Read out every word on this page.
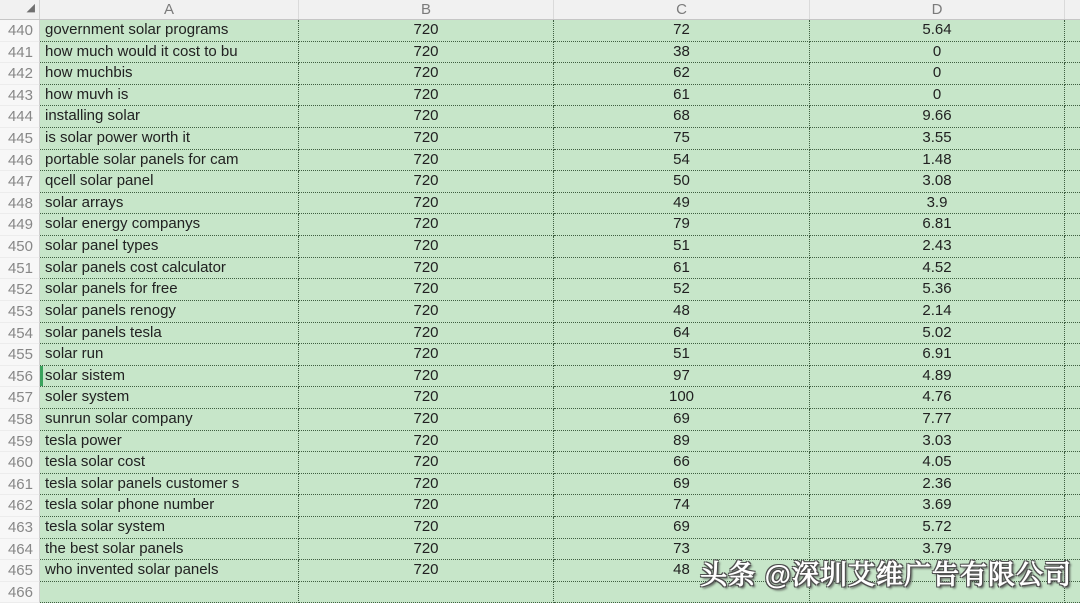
◢	A	B	C	D
440 government solar programs	720	72	5.64
441 how much would it cost to bu	720	38	0
442 how muchbis	720	62	0
443 how muvh is	720	61	0
444 installing solar	720	68	9.66
445 is solar power worth it	720	75	3.55
446 portable solar panels for cam	720	54	1.48
447 qcell solar panel	720	50	3.08
448 solar arrays	720	49	3.9
449 solar energy companys	720	79	6.81
450 solar panel types	720	51	2.43
451 solar panels cost calculator	720	61	4.52
452 solar panels for free	720	52	5.36
453 solar panels renogy	720	48	2.14
454 solar panels tesla	720	64	5.02
455 solar run	720	51	6.91
456 solar sistem	720	97	4.89
457 soler system	720	100	4.76
458 sunrun solar company	720	69	7.77
459 tesla power	720	89	3.03
460 tesla solar cost	720	66	4.05
461 tesla solar panels customer s	720	69	2.36
462 tesla solar phone number	720	74	3.69
463 tesla solar system	720	69	5.72
464 the best solar panels	720	73	3.79
465 who invented solar panels	720	48
466
头条 @深圳艾维广告有限公司
